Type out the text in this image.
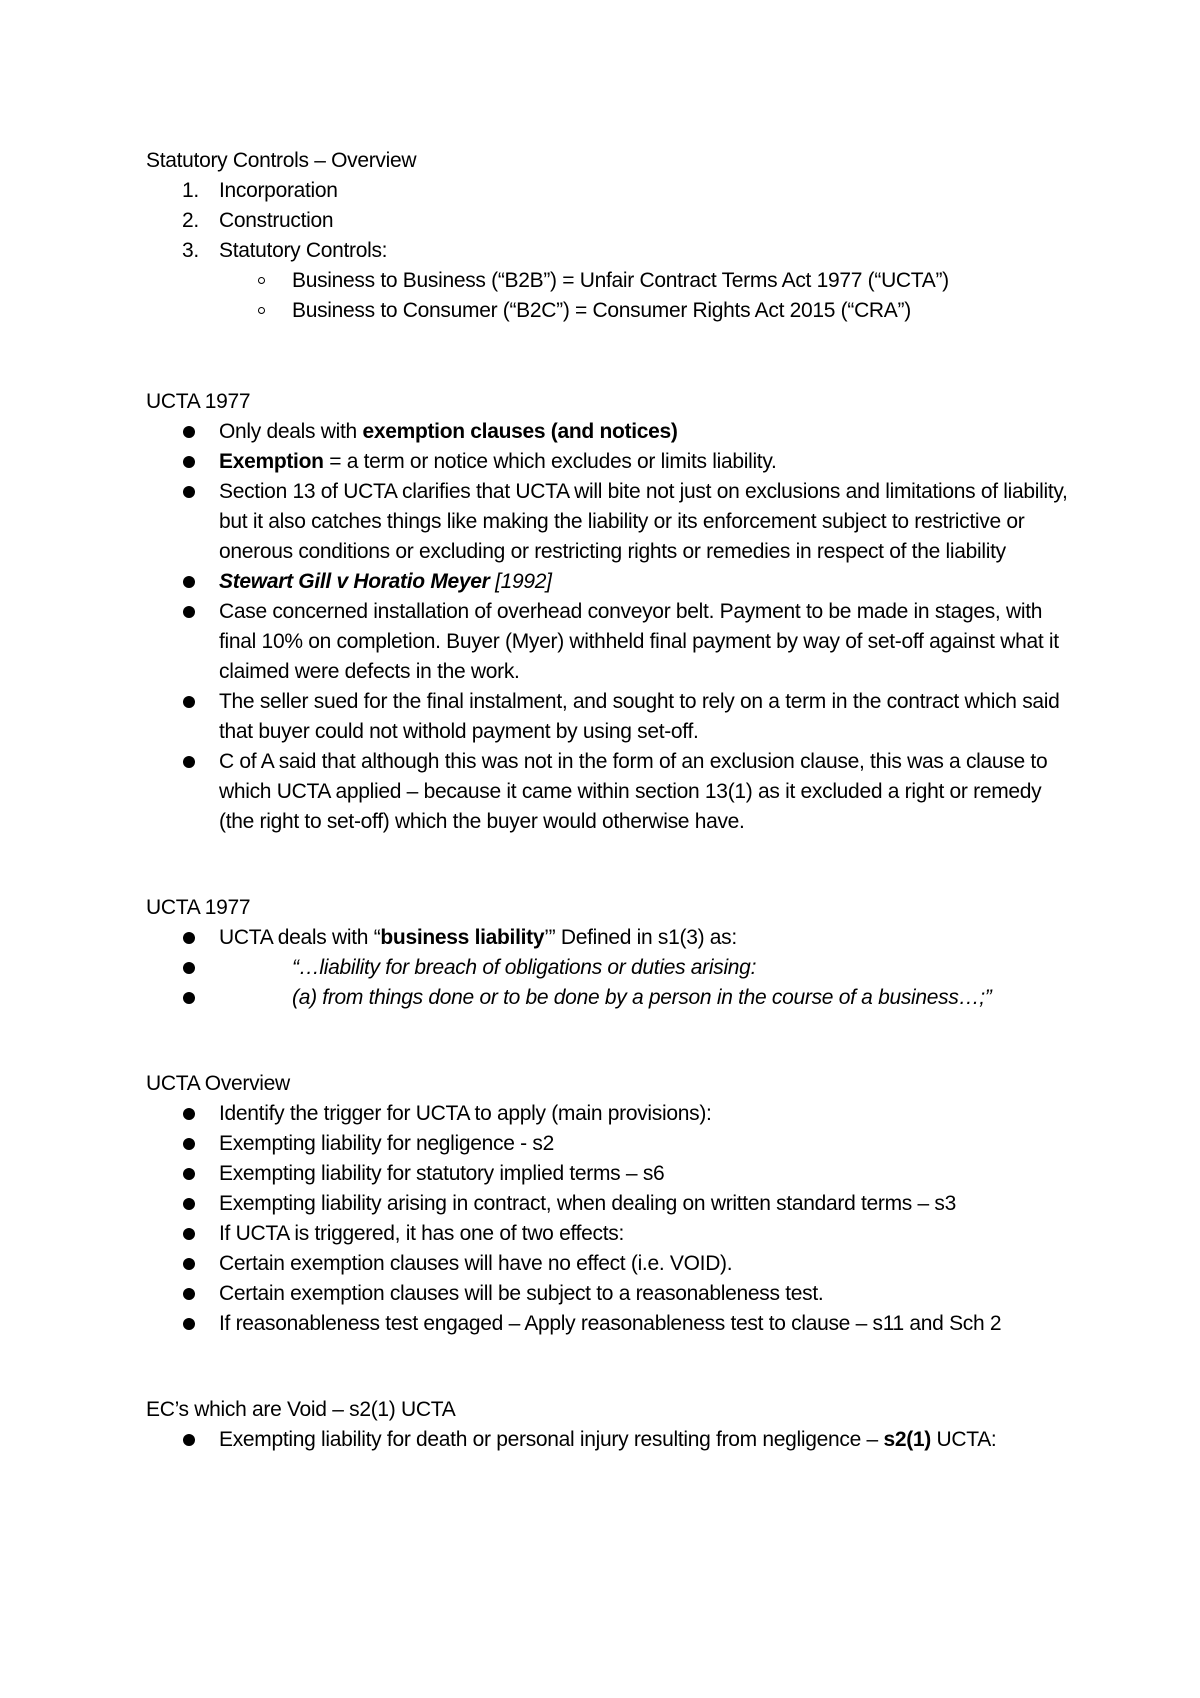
Statutory Controls – Overview

1. Incorporation
2. Construction
3. Statutory Controls:
Business to Business (“B2B”) = Unfair Contract Terms Act 1977 (“UCTA”)
Business to Consumer (“B2C”) = Consumer Rights Act 2015 (“CRA”)

UCTA 1977

Only deals with exemption clauses (and notices)
Exemption = a term or notice which excludes or limits liability.
Section 13 of UCTA clarifies that UCTA will bite not just on exclusions and limitations of liability, but it also catches things like making the liability or its enforcement subject to restrictive or onerous conditions or excluding or restricting rights or remedies in respect of the liability
Stewart Gill v Horatio Meyer [1992]
Case concerned installation of overhead conveyor belt. Payment to be made in stages, with final 10% on completion. Buyer (Myer) withheld final payment by way of set-off against what it claimed were defects in the work.
The seller sued for the final instalment, and sought to rely on a term in the contract which said that buyer could not withold payment by using set-off.
C of A said that although this was not in the form of an exclusion clause, this was a clause to which UCTA applied – because it came within section 13(1) as it excluded a right or remedy (the right to set-off) which the buyer would otherwise have.

UCTA 1977

UCTA deals with “business liability’” Defined in s1(3) as:
“…liability for breach of obligations or duties arising:
(a) from things done or to be done by a person in the course of a business…;”

UCTA Overview

Identify the trigger for UCTA to apply (main provisions):
Exempting liability for negligence - s2
Exempting liability for statutory implied terms – s6
Exempting liability arising in contract, when dealing on written standard terms – s3
If UCTA is triggered, it has one of two effects:
Certain exemption clauses will have no effect (i.e. VOID).
Certain exemption clauses will be subject to a reasonableness test.
If reasonableness test engaged – Apply reasonableness test to clause – s11 and Sch 2

EC’s which are Void – s2(1) UCTA

Exempting liability for death or personal injury resulting from negligence – s2(1) UCTA:
